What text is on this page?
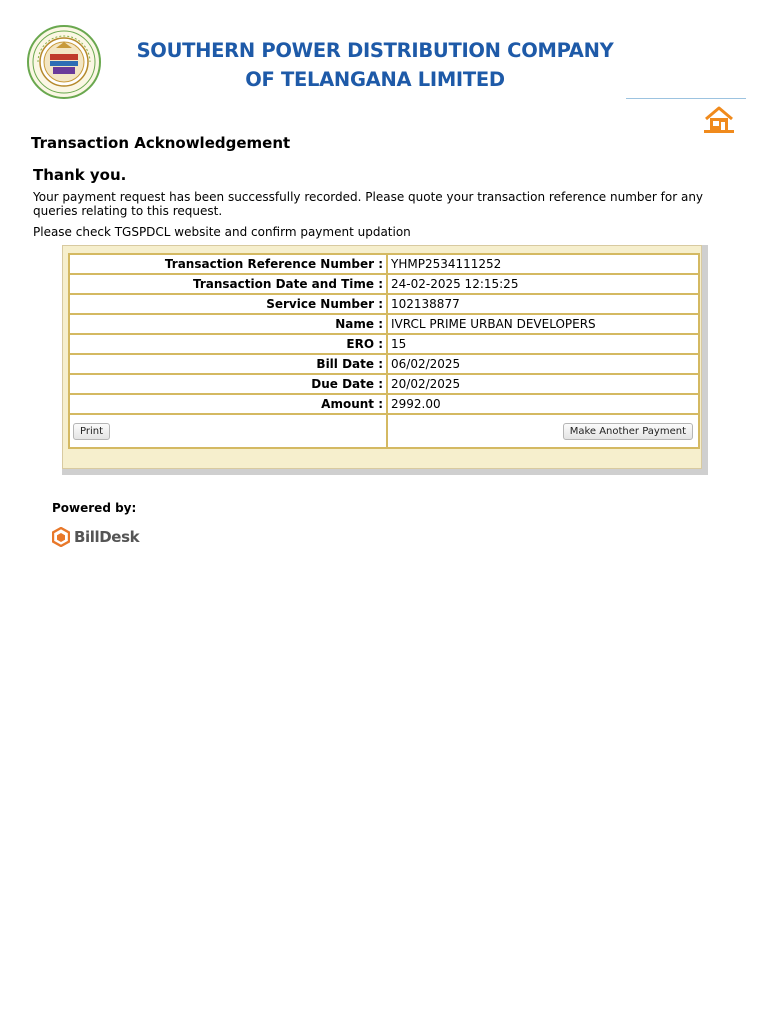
SOUTHERN POWER DISTRIBUTION COMPANY
OF TELANGANA LIMITED
Transaction Acknowledgement
Thank you.
Your payment request has been successfully recorded. Please quote your transaction reference number for any queries relating to this request.
Please check TGSPDCL website and confirm payment updation
Transaction Reference Number :	YHMP2534111252
Transaction Date and Time :	24-02-2025 12:15:25
Service Number :	102138877
Name :	IVRCL PRIME URBAN DEVELOPERS
ERO :	15
Bill Date :	06/02/2025
Due Date :	20/02/2025
Amount :	2992.00

Print	Make Another Payment
Powered by:
BillDesk
